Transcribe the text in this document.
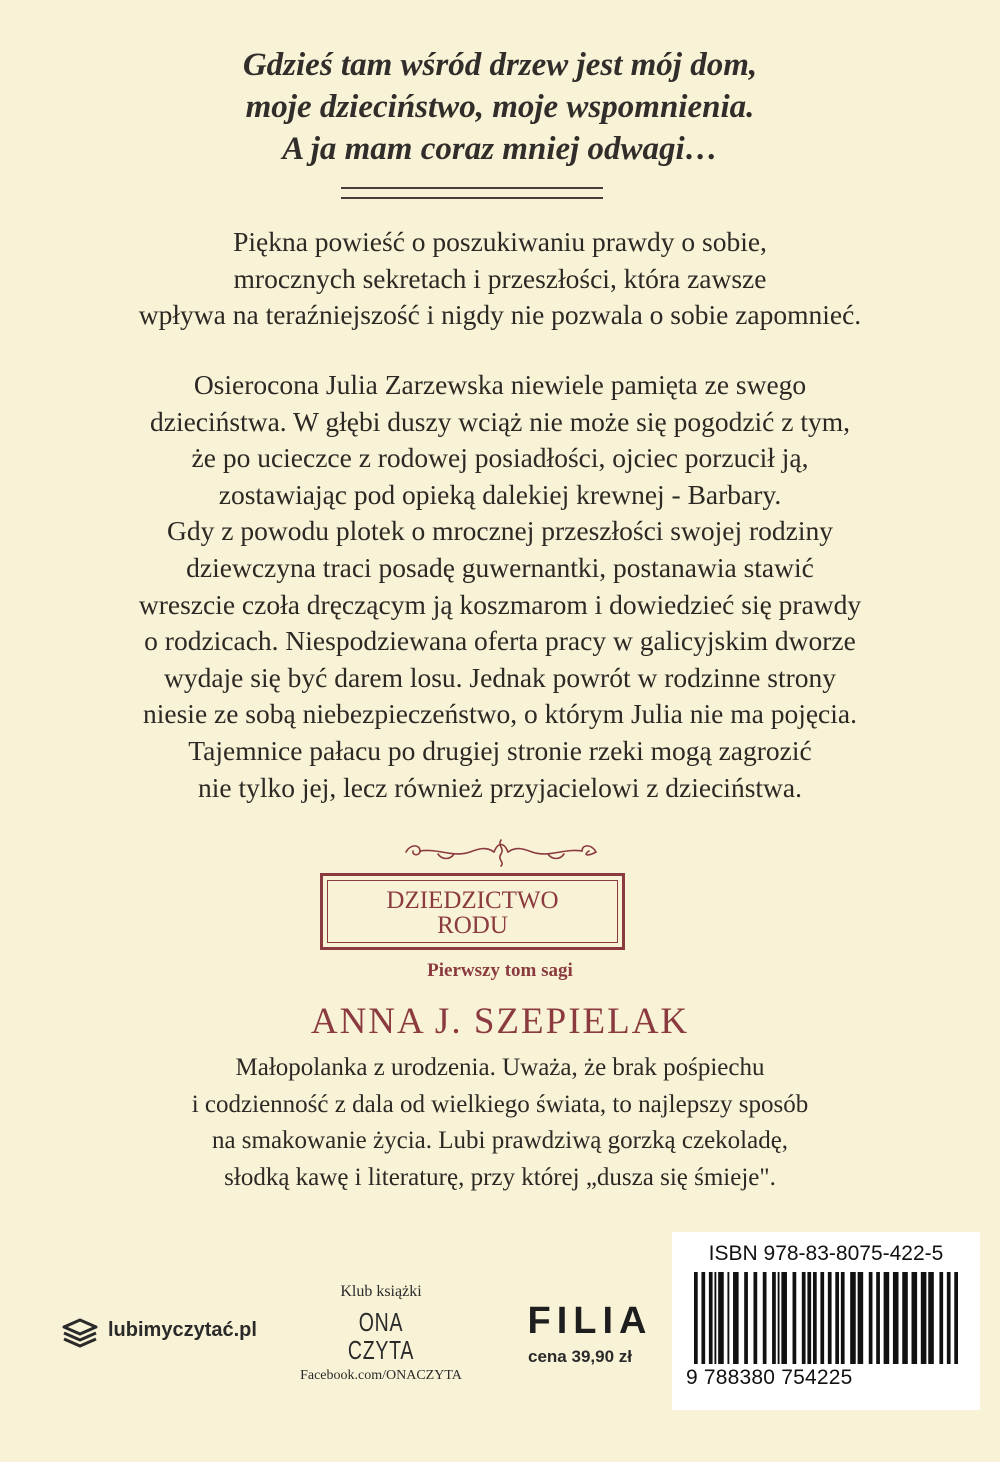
Gdzieś tam wśród drzew jest mój dom,
moje dzieciństwo, moje wspomnienia.
A ja mam coraz mniej odwagi…
Piękna powieść o poszukiwaniu prawdy o sobie,
mrocznych sekretach i przeszłości, która zawsze
wpływa na teraźniejszość i nigdy nie pozwala o sobie zapomnieć.
Osierocona Julia Zarzewska niewiele pamięta ze swego
dzieciństwa. W głębi duszy wciąż nie może się pogodzić z tym,
że po ucieczce z rodowej posiadłości, ojciec porzucił ją,
zostawiając pod opieką dalekiej krewnej - Barbary.
Gdy z powodu plotek o mrocznej przeszłości swojej rodziny
dziewczyna traci posadę guwernantki, postanawia stawić
wreszcie czoła dręczącym ją koszmarom i dowiedzieć się prawdy
o rodzicach. Niespodziewana oferta pracy w galicyjskim dworze
wydaje się być darem losu. Jednak powrót w rodzinne strony
niesie ze sobą niebezpieczeństwo, o którym Julia nie ma pojęcia.
Tajemnice pałacu po drugiej stronie rzeki mogą zagrozić
nie tylko jej, lecz również przyjacielowi z dzieciństwa.
DZIEDZICTWO
RODU
Pierwszy tom sagi
ANNA J. SZEPIELAK
Małopolanka z urodzenia. Uważa, że brak pośpiechu
i codzienność z dala od wielkiego świata, to najlepszy sposób
na smakowanie życia. Lubi prawdziwą gorzką czekoladę,
słodką kawę i literaturę, przy której „dusza się śmieje".
ISBN 978-83-8075-422-5
9 788380 754225
lubimyczytać.pl
Klub książki
ONA
CZYTA
Facebook.com/ONACZYTA
FILIA
cena 39,90 zł
